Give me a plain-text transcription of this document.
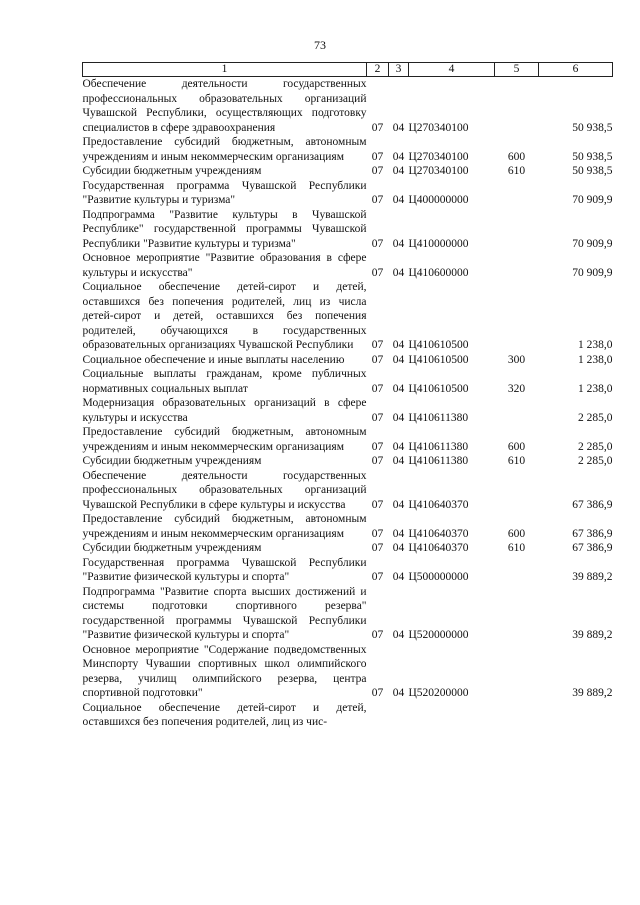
73
1	2	3	4	5	6
Обеспечение деятельности государственных профессиональных образовательных организаций Чувашской Республики, осуществляющих подготовку специалистов в сфере здравоохранения	07	04	Ц270340100		50 938,5
Предоставление субсидий бюджетным, автономным учреждениям и иным некоммерческим организациям	07	04	Ц270340100	600	50 938,5
Субсидии бюджетным учреждениям	07	04	Ц270340100	610	50 938,5
Государственная программа Чувашской Республики "Развитие культуры и туризма"	07	04	Ц400000000		70 909,9
Подпрограмма "Развитие культуры в Чувашской Республике" государственной программы Чувашской Республики "Развитие культуры и туризма"	07	04	Ц410000000		70 909,9
Основное мероприятие "Развитие образования в сфере культуры и искусства"	07	04	Ц410600000		70 909,9
Социальное обеспечение детей-сирот и детей, оставшихся без попечения родителей, лиц из числа детей-сирот и детей, оставшихся без попечения родителей, обучающихся в государственных образовательных организациях Чувашской Республики	07	04	Ц410610500		1 238,0
Социальное обеспечение и иные выплаты населению	07	04	Ц410610500	300	1 238,0
Социальные выплаты гражданам, кроме публичных нормативных социальных выплат	07	04	Ц410610500	320	1 238,0
Модернизация образовательных организаций в сфере культуры и искусства	07	04	Ц410611380		2 285,0
Предоставление субсидий бюджетным, автономным учреждениям и иным некоммерческим организациям	07	04	Ц410611380	600	2 285,0
Субсидии бюджетным учреждениям	07	04	Ц410611380	610	2 285,0
Обеспечение деятельности государственных профессиональных образовательных организаций Чувашской Республики в сфере культуры и искусства	07	04	Ц410640370		67 386,9
Предоставление субсидий бюджетным, автономным учреждениям и иным некоммерческим организациям	07	04	Ц410640370	600	67 386,9
Субсидии бюджетным учреждениям	07	04	Ц410640370	610	67 386,9
Государственная программа Чувашской Республики "Развитие физической культуры и спорта"	07	04	Ц500000000		39 889,2
Подпрограмма "Развитие спорта высших достижений и системы подготовки спортивного резерва" государственной программы Чувашской Республики "Развитие физической культуры и спорта"	07	04	Ц520000000		39 889,2
Основное мероприятие "Содержание подведомственных Минспорту Чувашии спортивных школ олимпийского резерва, училищ олимпийского резерва, центра спортивной подготовки"	07	04	Ц520200000		39 889,2
Социальное обеспечение детей-сирот и детей, оставшихся без попечения родителей, лиц из чис-					
